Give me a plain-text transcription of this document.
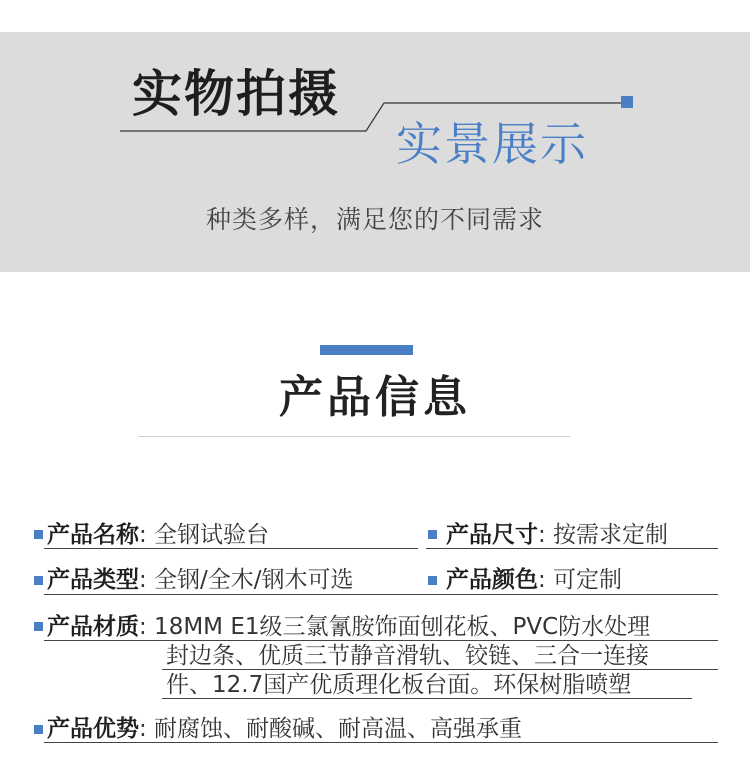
实物拍摄
实景展示
种类多样，满足您的不同需求
产品信息
产品名称: 全钢试验台	产品尺寸: 按需求定制
产品类型: 全钢/全木/钢木可选	产品颜色: 可定制
产品材质: 18MM E1级三氯氰胺饰面刨花板、PVC防水处理
封边条、优质三节静音滑轨、铰链、三合一连接
件、12.7国产优质理化板台面。环保树脂喷塑
产品优势: 耐腐蚀、耐酸碱、耐高温、高强承重
